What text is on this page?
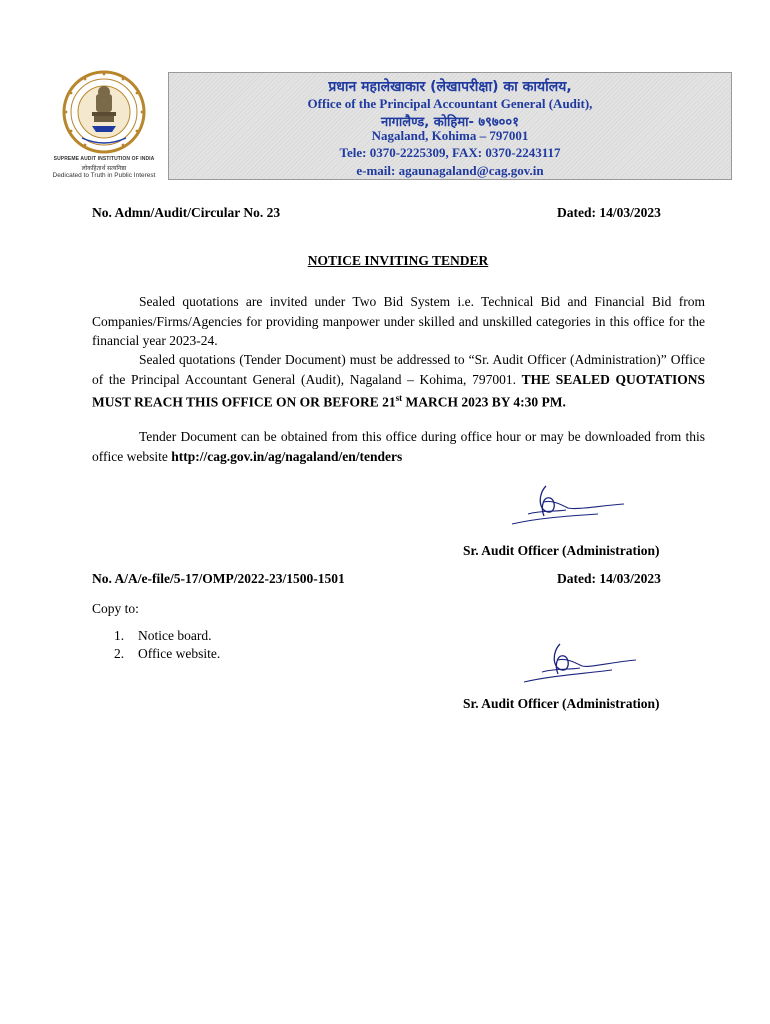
SUPREME AUDIT INSTITUTION OF INDIA
लोकहितार्थ सत्यनिष्ठा
Dedicated to Truth in Public Interest
प्रधान महालेखाकार (लेखापरीक्षा) का कार्यालय,
Office of the Principal Accountant General (Audit),
नागालैण्ड, कोहिमा- ७९७००१
Nagaland, Kohima – 797001
Tele: 0370-2225309, FAX: 0370-2243117
e-mail: agaunagaland@cag.gov.in
No. Admn/Audit/Circular No. 23	Dated: 14/03/2023
NOTICE INVITING TENDER
Sealed quotations are invited under Two Bid System i.e. Technical Bid and Financial Bid from Companies/Firms/Agencies for providing manpower under skilled and unskilled categories in this office for the financial year 2023-24.
Sealed quotations (Tender Document) must be addressed to “Sr. Audit Officer (Administration)” Office of the Principal Accountant General (Audit), Nagaland – Kohima, 797001. THE SEALED QUOTATIONS MUST REACH THIS OFFICE ON OR BEFORE 21st MARCH 2023 BY 4:30 PM.
Tender Document can be obtained from this office during office hour or may be downloaded from this office website http://cag.gov.in/ag/nagaland/en/tenders
Sr. Audit Officer (Administration)
No. A/A/e-file/5-17/OMP/2022-23/1500-1501	Dated: 14/03/2023
Copy to:
1. Notice board.
2. Office website.
Sr. Audit Officer (Administration)
